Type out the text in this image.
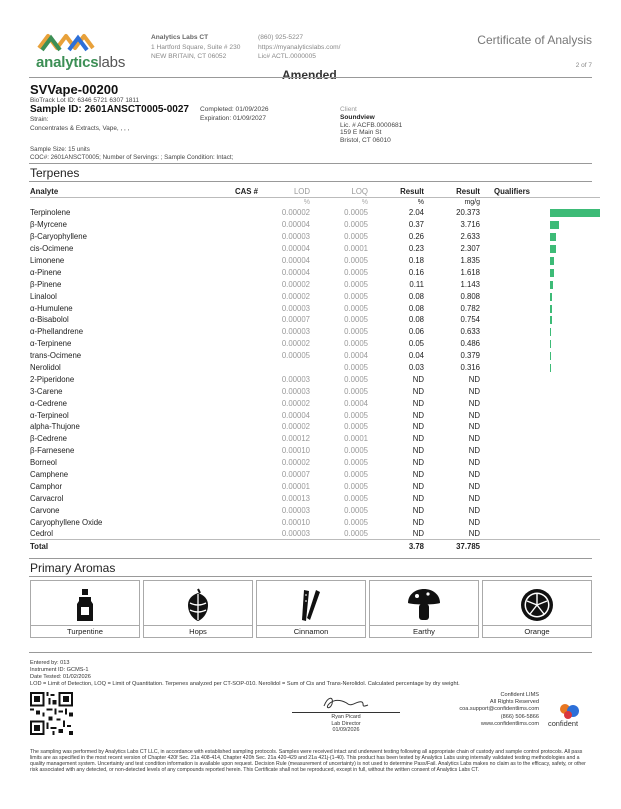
analyticslabs
Analytics Labs CT
1 Hartford Square, Suite # 230
NEW BRITAIN, CT 06052
(860) 925-5227
https://myanalyticslabs.com/
Lic# ACTL.0000005
Certificate of Analysis
2 of 7
Amended
SVVape-00200
BioTrack Lot ID: 6346 5721 6307 1811
Sample ID: 2601ANSCT0005-0027
Strain:
Concentrates & Extracts, Vape, , , ,
Completed: 01/09/2026
Expiration: 01/09/2027
Client
Soundview
Lic. # ACFB.0000681
159 E Main St
Bristol, CT 06010
Sample Size: 15 units
COC#: 2601ANSCT0005; Number of Servings: ; Sample Condition: Intact;
Terpenes
Analyte	CAS #	LOD	LOQ	Result	Result	Qualifiers
		%	%	%	mg/g	
Terpinolene		0.00002	0.0005	2.04	20.373	
β-Myrcene		0.00004	0.0005	0.37	3.716	
β-Caryophyllene		0.00003	0.0005	0.26	2.633	
cis-Ocimene		0.00004	0.0001	0.23	2.307	
Limonene		0.00004	0.0005	0.18	1.835	
α-Pinene		0.00004	0.0005	0.16	1.618	
β-Pinene		0.00002	0.0005	0.11	1.143	
Linalool		0.00002	0.0005	0.08	0.808	
α-Humulene		0.00003	0.0005	0.08	0.782	
α-Bisabolol		0.00007	0.0005	0.08	0.754	
α-Phellandrene		0.00003	0.0005	0.06	0.633	
α-Terpinene		0.00002	0.0005	0.05	0.486	
trans-Ocimene		0.00005	0.0004	0.04	0.379	
Nerolidol			0.0005	0.03	0.316	
2-Piperidone		0.00003	0.0005	ND	ND	
3-Carene		0.00003	0.0005	ND	ND	
α-Cedrene		0.00002	0.0004	ND	ND	
α-Terpineol		0.00004	0.0005	ND	ND	
alpha-Thujone		0.00002	0.0005	ND	ND	
β-Cedrene		0.00012	0.0001	ND	ND	
β-Farnesene		0.00010	0.0005	ND	ND	
Borneol		0.00002	0.0005	ND	ND	
Camphene		0.00007	0.0005	ND	ND	
Camphor		0.00001	0.0005	ND	ND	
Carvacrol		0.00013	0.0005	ND	ND	
Carvone		0.00003	0.0005	ND	ND	
Caryophyllene Oxide		0.00010	0.0005	ND	ND	
Cedrol		0.00003	0.0005	ND	ND	
Total				3.78	37.785	
Primary Aromas
Turpentine	Hops	Cinnamon	Earthy	Orange
Entered by: 013
Instrument ID: GCMS-1
Date Tested: 01/02/2026
LOD = Limit of Detection, LOQ = Limit of Quantitation. Terpenes analyzed per CT-SOP-010. Nerolidol = Sum of Cis and Trans-Nerolidol. Calculated percentage by dry weight.
Ryan Picard
Lab Director
01/09/2026
Confident LIMS
All Rights Reserved
coa.support@confidentlims.com
(866) 506-5866
www.confidentlims.com confident
The sampling was performed by Analytics Labs CT LLC, in accordance with established sampling protocols. Samples were received intact and underwent testing following all appropriate chain of custody and sample control protocols. All pass limits are as specified in the most recent version of Chapter 420f Sec. 21a 408-414, Chapter 420h Sec. 21a 420-429 and 21a 421j-(1-40). This product has been tested by Analytics Labs using internally validated testing methodologies and a quality management system. Uncertainty and test condition information is available upon request. Decision Rule (measurement of uncertainty) is not used to determine Pass/Fail. Analytics Labs makes no claim as to the efficacy, safety, or other risk associated with any detected, or non-detected levels of any compounds reported herein. This Certificate shall not be reproduced, except in full, without the written consent of Analytics Labs CT.
